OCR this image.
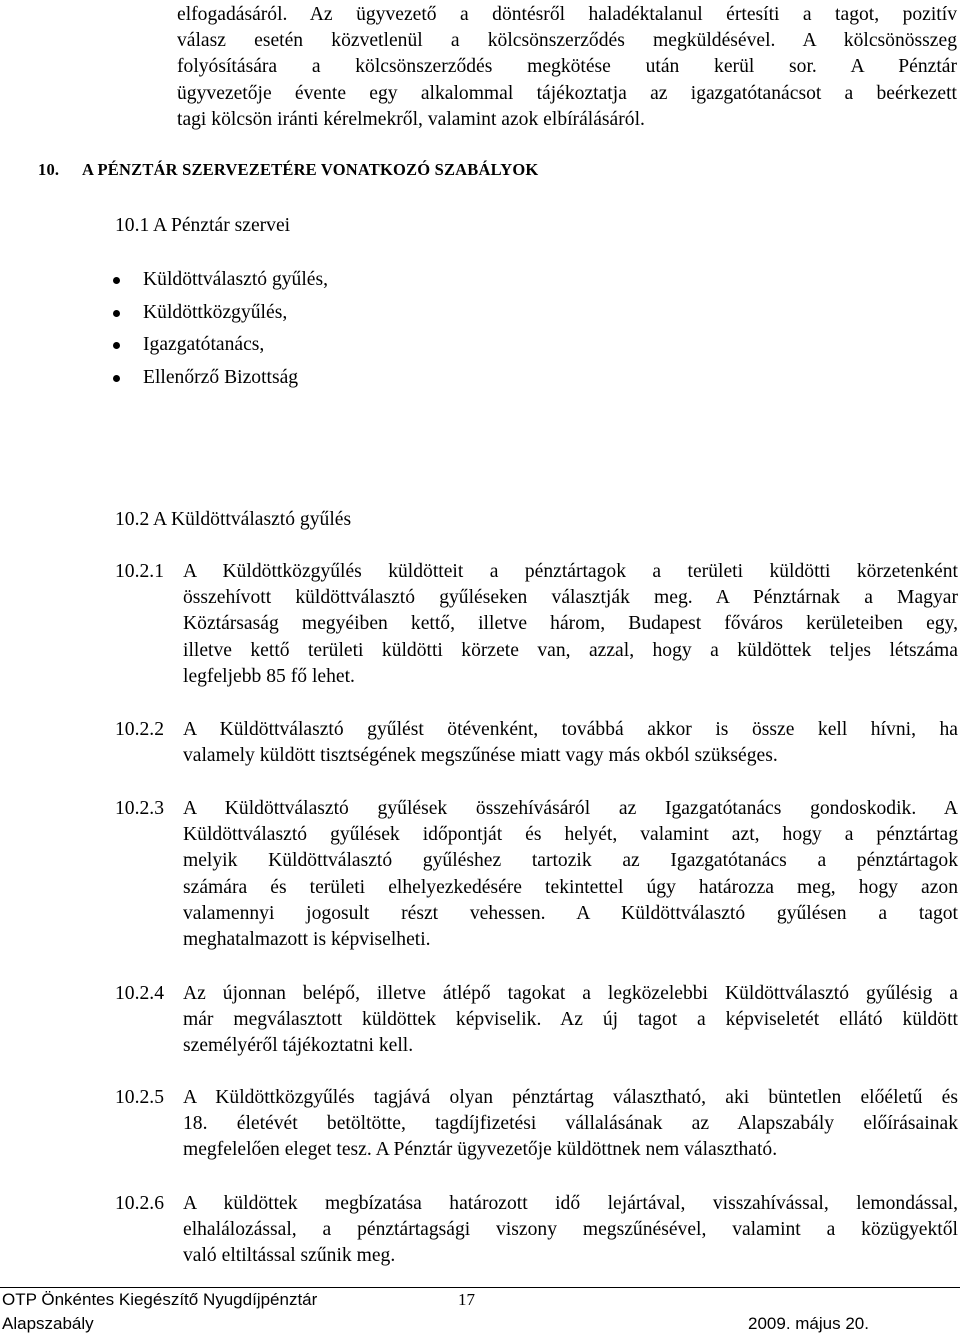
elfogadásáról. Az ügyvezető a döntésről haladéktalanul értesíti a tagot, pozitív
válasz esetén közvetlenül a kölcsönszerződés megküldésével. A kölcsönösszeg
folyósítására a kölcsönszerződés megkötése után kerül sor. A Pénztár
ügyvezetője évente egy alkalommal tájékoztatja az igazgatótanácsot a beérkezett
tagi kölcsön iránti kérelmekről, valamint azok elbírálásáról.
10. A PÉNZTÁR SZERVEZETÉRE VONATKOZÓ SZABÁLYOK
10.1 A Pénztár szervei
Küldöttválasztó gyűlés,
Küldöttközgyűlés,
Igazgatótanács,
Ellenőrző Bizottság
10.2 A Küldöttválasztó gyűlés
10.2.1 A Küldöttközgyűlés küldötteit a pénztártagok a területi küldötti körzetenként
összehívott küldöttválasztó gyűléseken választják meg. A Pénztárnak a Magyar
Köztársaság megyéiben kettő, illetve három, Budapest főváros kerületeiben egy,
illetve kettő területi küldötti körzete van, azzal, hogy a küldöttek teljes létszáma
legfeljebb 85 fő lehet.
10.2.2 A Küldöttválasztó gyűlést ötévenként, továbbá akkor is össze kell hívni, ha
valamely küldött tisztségének megszűnése miatt vagy más okból szükséges.
10.2.3 A Küldöttválasztó gyűlések összehívásáról az Igazgatótanács gondoskodik. A
Küldöttválasztó gyűlések időpontját és helyét, valamint azt, hogy a pénztártag
melyik Küldöttválasztó gyűléshez tartozik az Igazgatótanács a pénztártagok
számára és területi elhelyezkedésére tekintettel úgy határozza meg, hogy azon
valamennyi jogosult részt vehessen. A Küldöttválasztó gyűlésen a tagot
meghatalmazott is képviselheti.
10.2.4 Az újonnan belépő, illetve átlépő tagokat a legközelebbi Küldöttválasztó gyűlésig a
már megválasztott küldöttek képviselik. Az új tagot a képviseletét ellátó küldött
személyéről tájékoztatni kell.
10.2.5 A Küldöttközgyűlés tagjává olyan pénztártag választható, aki büntetlen előéletű és
18. életévét betöltötte, tagdíjfizetési vállalásának az Alapszabály előírásainak
megfelelően eleget tesz. A Pénztár ügyvezetője küldöttnek nem választható.
10.2.6 A küldöttek megbízatása határozott idő lejártával, visszahívással, lemondással,
elhalálozással, a pénztártagsági viszony megszűnésével, valamint a közügyektől
való eltiltással szűnik meg.
OTP Önkéntes Kiegészítő Nyugdíjpénztár
Alapszabály
17
2009. május 20.
